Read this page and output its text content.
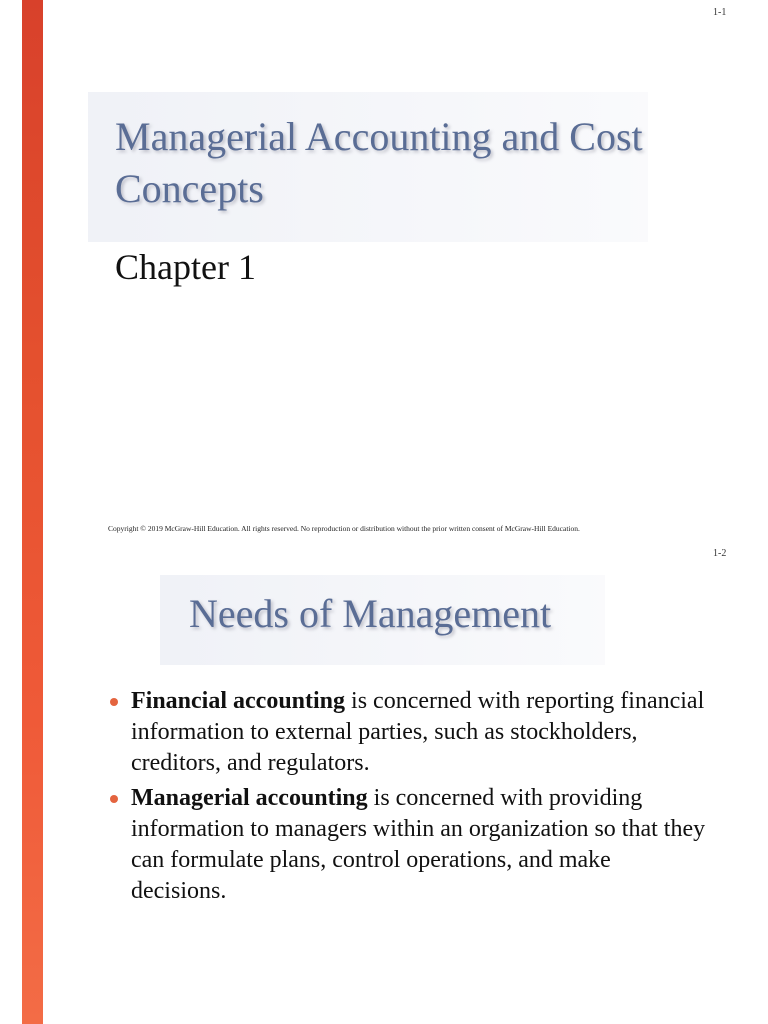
1-1
Managerial Accounting and Cost Concepts
Chapter 1
Copyright © 2019 McGraw-Hill Education. All rights reserved. No reproduction or distribution without the prior written consent of McGraw-Hill Education.
1-2
Needs of Management
Financial accounting is concerned with reporting financial information to external parties, such as stockholders, creditors, and regulators.
Managerial accounting is concerned with providing information to managers within an organization so that they can formulate plans, control operations, and make decisions.
